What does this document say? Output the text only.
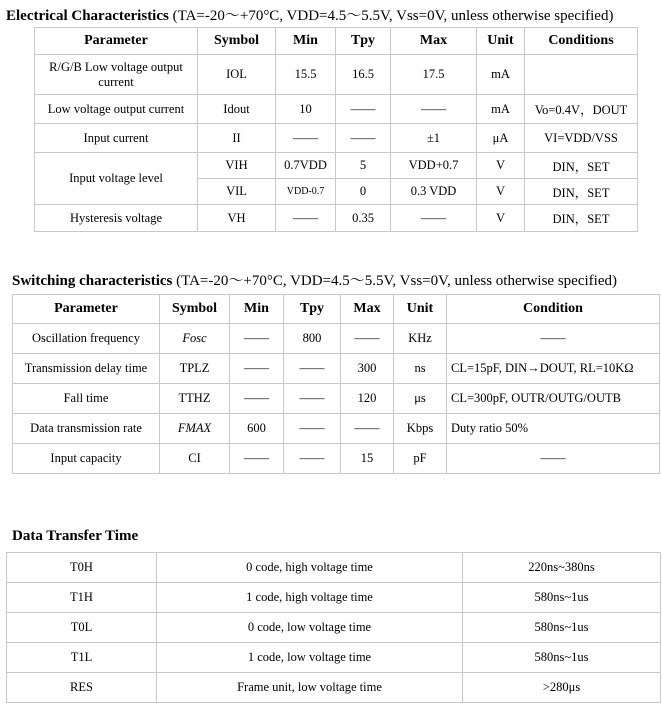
Electrical Characteristics (TA=-20～+70°C, VDD=4.5～5.5V, Vss=0V, unless otherwise specified)
Parameter	Symbol	Min	Tpy	Max	Unit	Conditions
R/G/B Low voltage output current	IOL	15.5	16.5	17.5	mA	
Low voltage output current	Idout	10	——	——	mA	Vo=0.4V，DOUT
Input current	II	——	——	±1	μA	VI=VDD/VSS
Input voltage level	VIH	0.7VDD	5	VDD+0.7	V	DIN，SET
	VIL	VDD-0.7	0	0.3 VDD	V	DIN，SET
Hysteresis voltage	VH	——	0.35	——	V	DIN，SET
Switching characteristics (TA=-20～+70°C, VDD=4.5～5.5V, Vss=0V, unless otherwise specified)
Parameter	Symbol	Min	Tpy	Max	Unit	Condition
Oscillation frequency	Fosc	——	800	——	KHz	——
Transmission delay time	TPLZ	——	——	300	ns	CL=15pF, DIN→DOUT, RL=10KΩ
Fall time	TTHZ	——	——	120	μs	CL=300pF, OUTR/OUTG/OUTB
Data transmission rate	FMAX	600	——	——	Kbps	Duty ratio 50%
Input capacity	CI	——	——	15	pF	——
Data Transfer Time
T0H	0 code, high voltage time	220ns~380ns
T1H	1 code, high voltage time	580ns~1us
T0L	0 code, low voltage time	580ns~1us
T1L	1 code, low voltage time	580ns~1us
RES	Frame unit, low voltage time	>280μs
